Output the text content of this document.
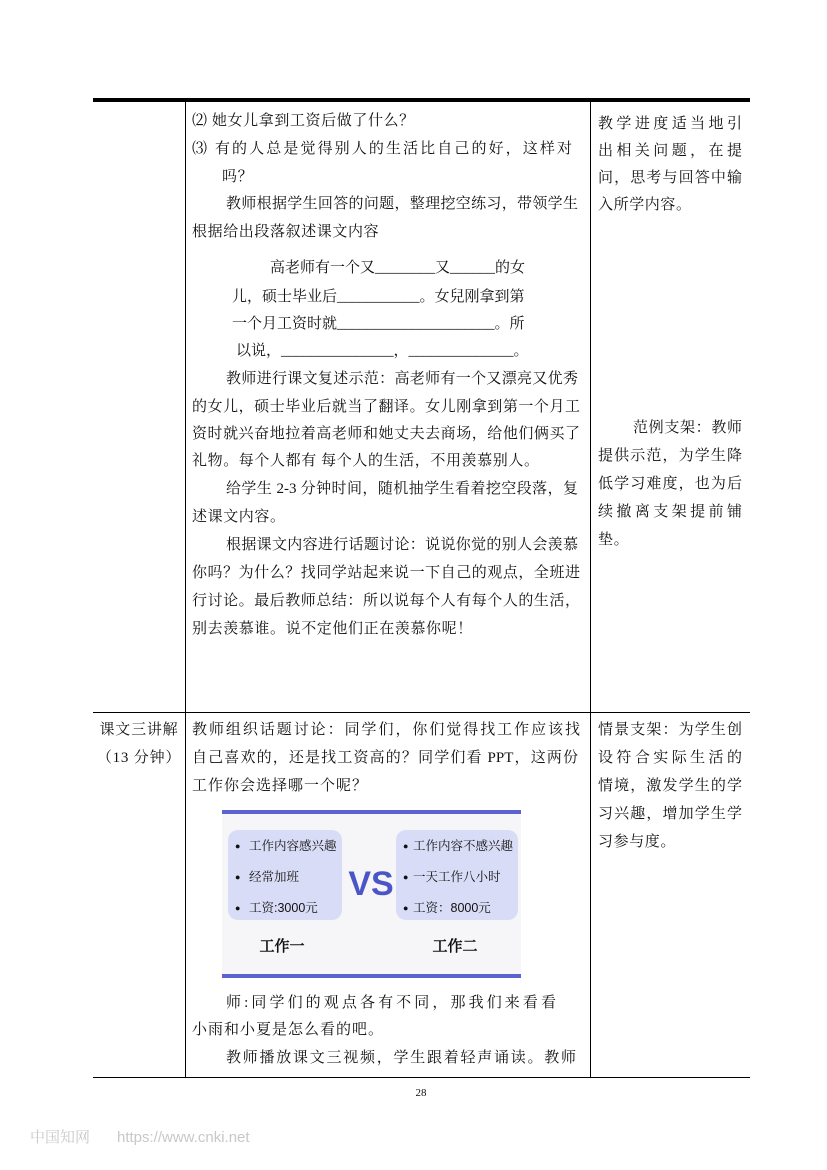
⑵ 她女儿拿到工资后做了什么？
⑶ 有的人总是觉得别人的生活比自己的好，这样对
吗？
教师根据学生回答的问题，整理挖空练习，带领学生
根据给出段落叙述课文内容
高老师有一个又________又______的女
儿，硕士毕业后___________。女兒刚拿到第
一个月工资时就_____________________。所
以说，_______________，______________。
教师进行课文复述示范：高老师有一个又漂亮又优秀
的女儿，硕士毕业后就当了翻译。女儿刚拿到第一个月工
资时就兴奋地拉着高老师和她丈夫去商场，给他们俩买了
礼物。每个人都有 每个人的生活，不用羡慕别人。
给学生 2-3 分钟时间，随机抽学生看着挖空段落，复
述课文内容。
根据课文内容进行话题讨论：说说你觉的别人会羡慕
你吗？为什么？找同学站起来说一下自己的观点，全班进
行讨论。最后教师总结：所以说每个人有每个人的生活，
别去羡慕谁。说不定他们正在羡慕你呢！
教学进度适当地引
出相关问题，在提
问，思考与回答中输
入所学内容。
范例支架：教师
提供示范，为学生降
低学习难度，也为后
续撤离支架提前铺
垫。
课文三讲解
（13 分钟）
教师组织话题讨论：同学们，你们觉得找工作应该找
自己喜欢的，还是找工资高的？同学们看 PPT，这两份
工作你会选择哪一个呢？
● 工作内容感兴趣
● 经常加班
● 工资:3000元
VS
● 工作内容不感兴趣
● 一天工作八小时
● 工资：8000元
工作一	工作二
师:同学们的观点各有不同，那我们来看看
小雨和小夏是怎么看的吧。
教师播放课文三视频，学生跟着轻声诵读。教师
情景支架：为学生创
设符合实际生活的
情境，激发学生的学
习兴趣，增加学生学
习参与度。
28
中国知网 https://www.cnki.net
